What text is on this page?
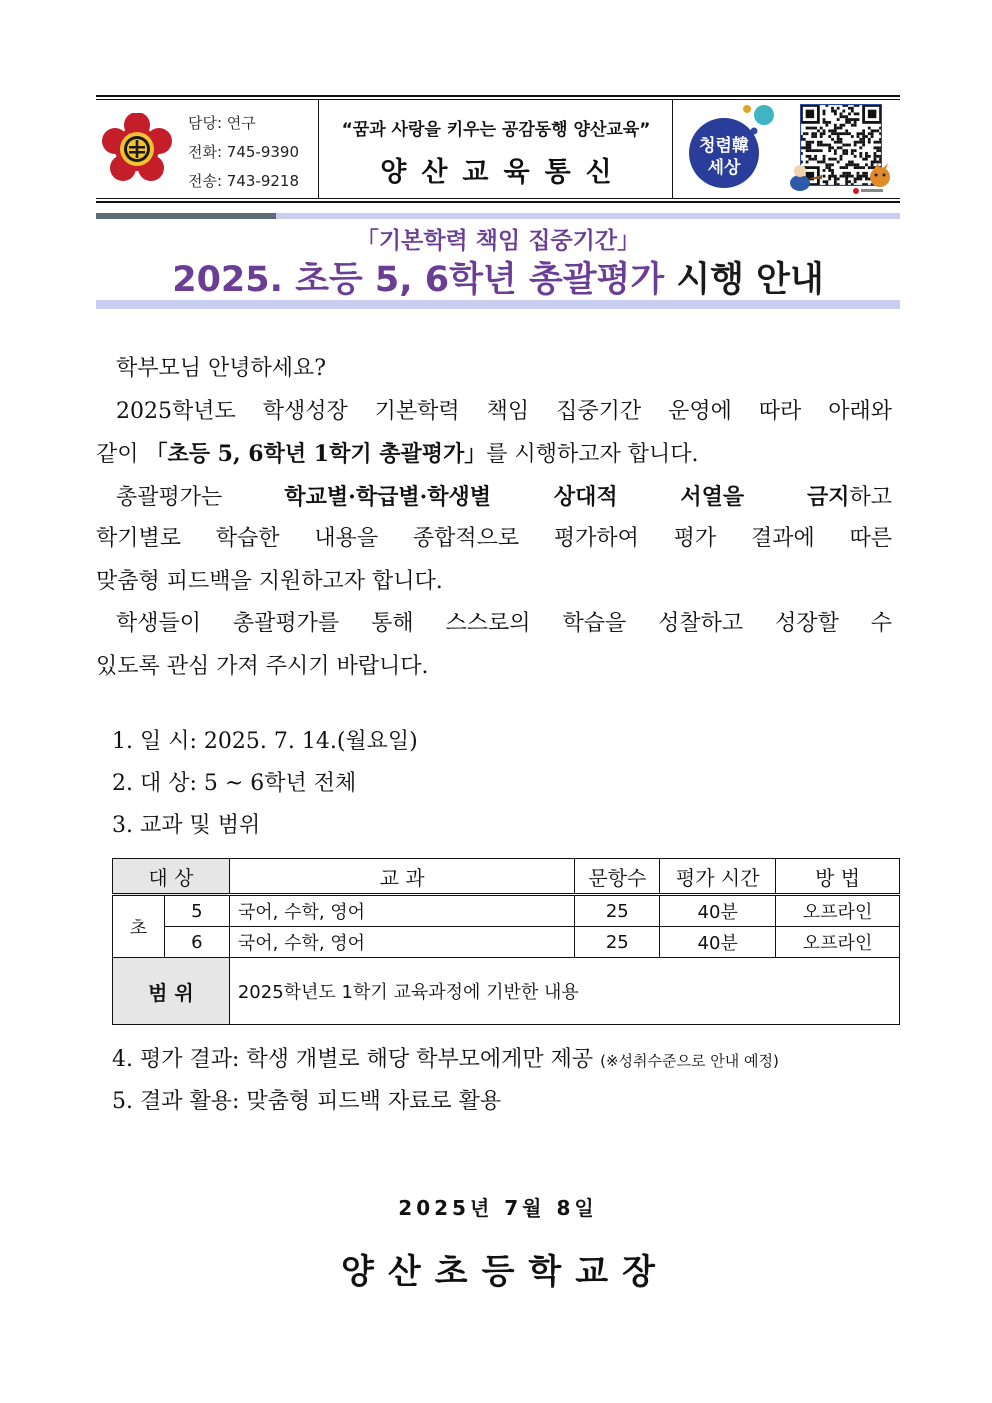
담당: 연구
전화: 745-9390
전송: 743-9218
“꿈과 사랑을 키우는 공감동행 양산교육”
양산교육통신
청렴韓
세상
「기본학력 책임 집중기간」
2025. 초등 5, 6학년 총괄평가 시행 안내
학부모님 안녕하세요?
2025학년도 학생성장 기본학력 책임 집중기간 운영에 따라 아래와
같이 「초등 5, 6학년 1학기 총괄평가」를 시행하고자 합니다.
총괄평가는 학교별·학급별·학생별 상대적 서열을 금지하고
학기별로 학습한 내용을 종합적으로 평가하여 평가 결과에 따른
맞춤형 피드백을 지원하고자 합니다.
학생들이 총괄평가를 통해 스스로의 학습을 성찰하고 성장할 수
있도록 관심 가져 주시기 바랍니다.
1. 일 시: 2025. 7. 14.(월요일)
2. 대 상: 5 ~ 6학년 전체
3. 교과 및 범위
대 상		교 과	문항수	평가 시간	방 법
초	5	국어, 수학, 영어	25	40분	오프라인
	6	국어, 수학, 영어	25	40분	오프라인
범 위		2025학년도 1학기 교육과정에 기반한 내용			
4. 평가 결과: 학생 개별로 해당 학부모에게만 제공 (※성취수준으로 안내 예정)
5. 결과 활용: 맞춤형 피드백 자료로 활용
2025년 7월 8일
양산초등학교장
